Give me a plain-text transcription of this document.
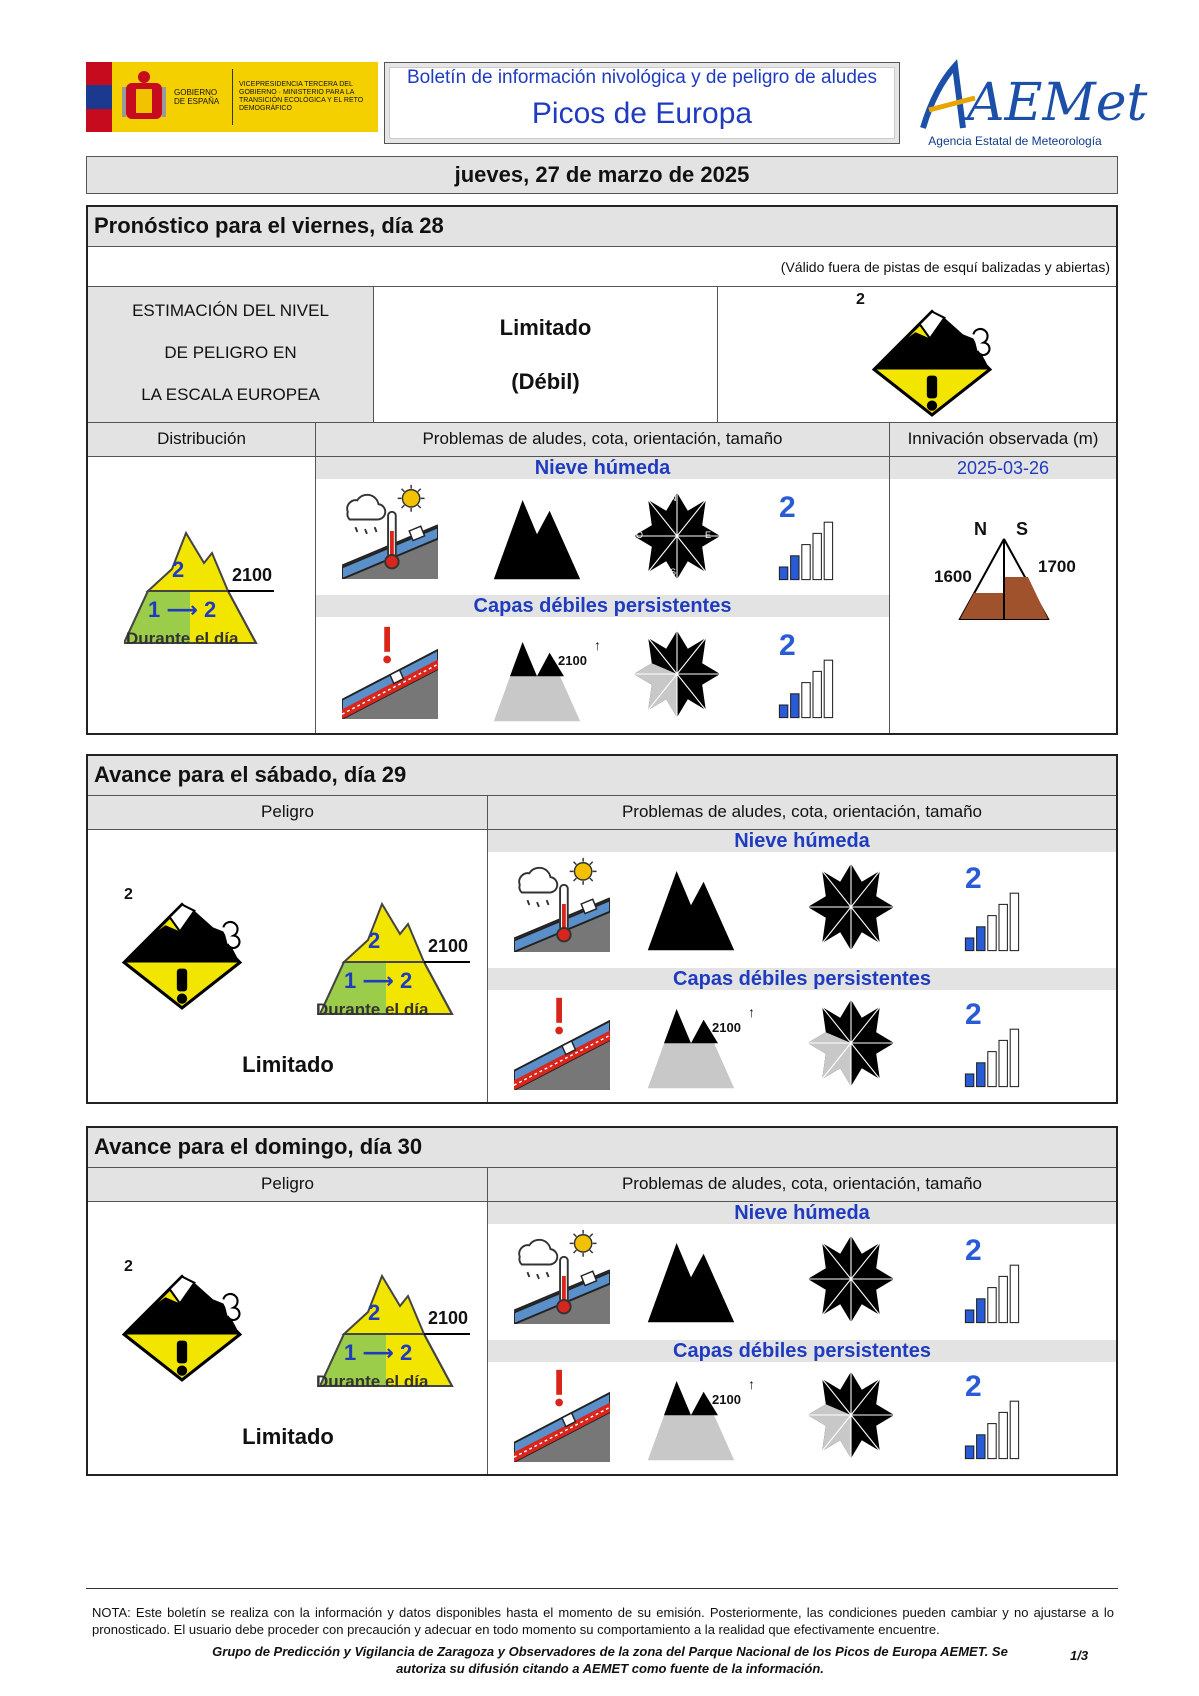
GOBIERNO DE ESPAÑA
VICEPRESIDENCIA TERCERA DEL GOBIERNO · MINISTERIO PARA LA TRANSICIÓN ECOLÓGICA Y EL RETO DEMOGRÁFICO
Boletín de información nivológica y de peligro de aludes
Picos de Europa	AEMet
Agencia Estatal de Meteorología
jueves, 27 de marzo de 2025
Pronóstico para el viernes, día 28
(Válido fuera de pistas de esquí balizadas y abiertas)
ESTIMACIÓN DEL NIVEL
DE PELIGRO EN
LA ESCALA EUROPEA
Limitado
(Débil)
2
Distribución	Problemas de aludes, cota, orientación, tamaño	Innivación observada (m)
2	2100
1 ⟶ 2
Durante el día
Nieve húmeda
N
E
S
O
2
Capas débiles persistentes
2100
↑	2
2025-03-26
N S
1600
1700
Avance para el sábado, día 29
Peligro	Problemas de aludes, cota, orientación, tamaño
2
2	2100
1 ⟶ 2
Durante el día
Limitado
Nieve húmeda
2
Capas débiles persistentes
2100
↑	2
Avance para el domingo, día 30
Peligro	Problemas de aludes, cota, orientación, tamaño
2
2	2100
1 ⟶ 2
Durante el día
Limitado
Nieve húmeda
2
Capas débiles persistentes
2100
↑	2
NOTA: Este boletín se realiza con la información y datos disponibles hasta el momento de su emisión. Posteriormente, las condiciones pueden cambiar y no ajustarse a lo pronosticado. El usuario debe proceder con precaución y adecuar en todo momento su comportamiento a la realidad que efectivamente encuentre.
Grupo de Predicción y Vigilancia de Zaragoza y Observadores de la zona del Parque Nacional de los Picos de Europa AEMET. Se autoriza su difusión citando a AEMET como fuente de la información.
1/3
